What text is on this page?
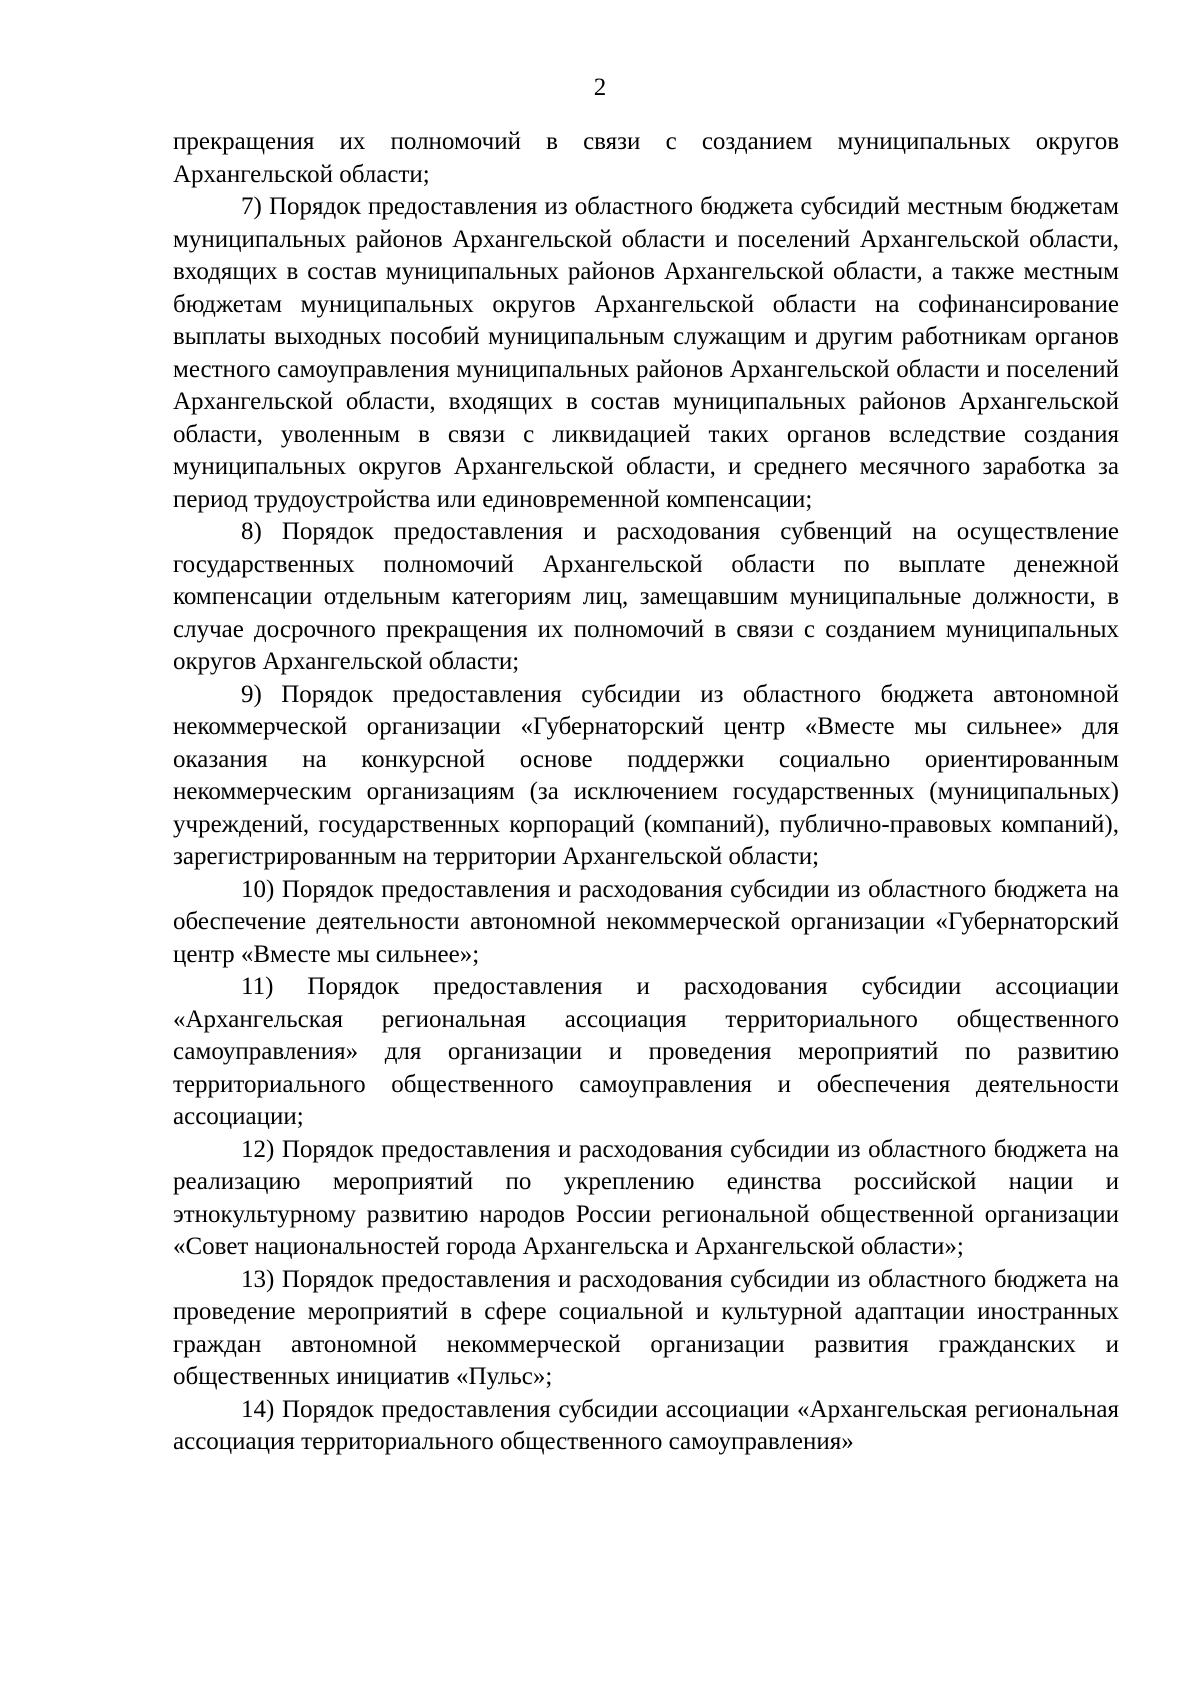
2

прекращения их полномочий в связи с созданием муниципальных округов Архангельской области;

7) Порядок предоставления из областного бюджета субсидий местным бюджетам муниципальных районов Архангельской области и поселений Архангельской области, входящих в состав муниципальных районов Архангельской области, а также местным бюджетам муниципальных округов Архангельской области на софинансирование выплаты выходных пособий муниципальным служащим и другим работникам органов местного самоуправления муниципальных районов Архангельской области и поселений Архангельской области, входящих в состав муниципальных районов Архангельской области, уволенным в связи с ликвидацией таких органов вследствие создания муниципальных округов Архангельской области, и среднего месячного заработка за период трудоустройства или единовременной компенсации;

8) Порядок предоставления и расходования субвенций на осуществление государственных полномочий Архангельской области по выплате денежной компенсации отдельным категориям лиц, замещавшим муниципальные должности, в случае досрочного прекращения их полномочий в связи с созданием муниципальных округов Архангельской области;

9) Порядок предоставления субсидии из областного бюджета автономной некоммерческой организации «Губернаторский центр «Вместе мы сильнее» для оказания на конкурсной основе поддержки социально ориентированным некоммерческим организациям (за исключением государственных (муниципальных) учреждений, государственных корпораций (компаний), публично-правовых компаний), зарегистрированным на территории Архангельской области;

10) Порядок предоставления и расходования субсидии из областного бюджета на обеспечение деятельности автономной некоммерческой организации «Губернаторский центр «Вместе мы сильнее»;

11) Порядок предоставления и расходования субсидии ассоциации «Архангельская региональная ассоциация территориального общественного самоуправления» для организации и проведения мероприятий по развитию территориального общественного самоуправления и обеспечения деятельности ассоциации;

12) Порядок предоставления и расходования субсидии из областного бюджета на реализацию мероприятий по укреплению единства российской нации и этнокультурному развитию народов России региональной общественной организации «Совет национальностей города Архангельска и Архангельской области»;

13) Порядок предоставления и расходования субсидии из областного бюджета на проведение мероприятий в сфере социальной и культурной адаптации иностранных граждан автономной некоммерческой организации развития гражданских и общественных инициатив «Пульс»;

14) Порядок предоставления субсидии ассоциации «Архангельская региональная ассоциация территориального общественного самоуправления»
